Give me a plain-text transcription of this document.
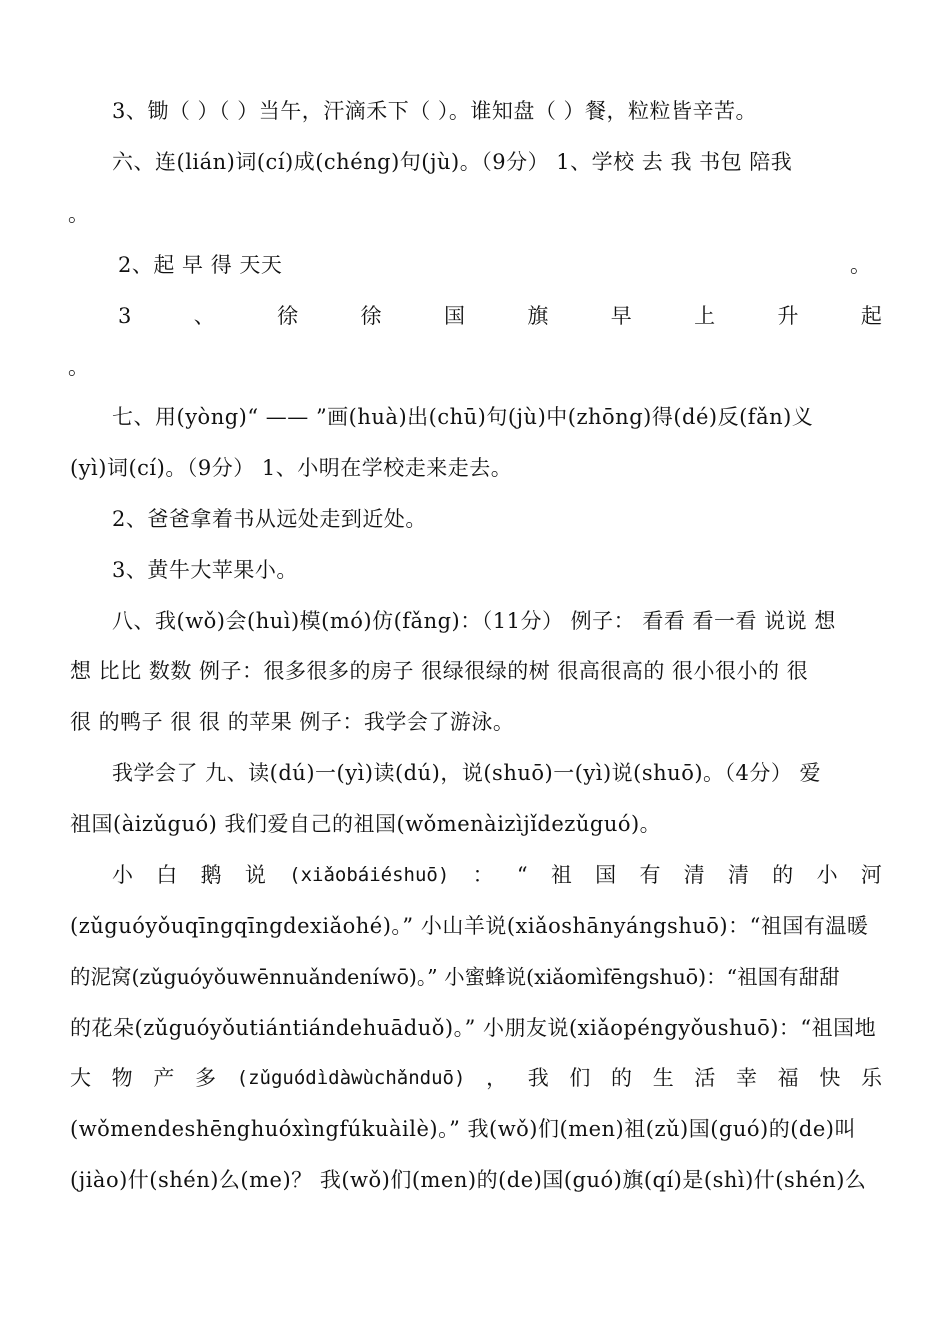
3、锄（ ）（ ）当午，汗滴禾下（ ）。谁知盘（ ）餐，粒粒皆辛苦。

六、连(lián)词(cí)成(chéng)句(jù)。（9分） 1、学校 去 我 书包 陪我

。

2、起 早 得 天天	。

3	、	徐	徐	国	旗	早	上	升	起

。

七、用(yòng)“ —— ”画(huà)出(chū)句(jù)中(zhōng)得(dé)反(fǎn)义

(yì)词(cí)。（9分） 1、小明在学校走来走去。

2、爸爸拿着书从远处走到近处。

3、黄牛大苹果小。

八、我(wǒ)会(huì)模(mó)仿(fǎng)：（11分） 例子： 看看 看一看 说说 想

想 比比 数数 例子：很多很多的房子 很绿很绿的树 很高很高的 很小很小的 很

很 的鸭子 很 很 的苹果 例子：我学会了游泳。

我学会了 九、读(dú)一(yì)读(dú)，说(shuō)一(yì)说(shuō)。（4分） 爱

祖国(àizǔguó) 我们爱自己的祖国(wǒmenàizìjǐdezǔguó)。

小 白 鹅 说 (xiǎobáiéshuō) ： “ 祖 国 有 清 清 的 小 河

(zǔguóyǒuqīngqīngdexiǎohé)。” 小山羊说(xiǎoshānyángshuō)：“祖国有温暖

的泥窝(zǔguóyǒuwēnnuǎndeníwō)。” 小蜜蜂说(xiǎomìfēngshuō)：“祖国有甜甜

的花朵(zǔguóyǒutiántiándehuāduǒ)。” 小朋友说(xiǎopéngyǒushuō)：“祖国地

大 物 产 多 (zǔguódìdàwùchǎnduō) ， 我 们 的 生 活 幸 福 快 乐

(wǒmendeshēnghuóxìngfúkuàilè)。” 我(wǒ)们(men)祖(zǔ)国(guó)的(de)叫

(jiào)什(shén)么(me)？ 我(wǒ)们(men)的(de)国(guó)旗(qí)是(shì)什(shén)么
